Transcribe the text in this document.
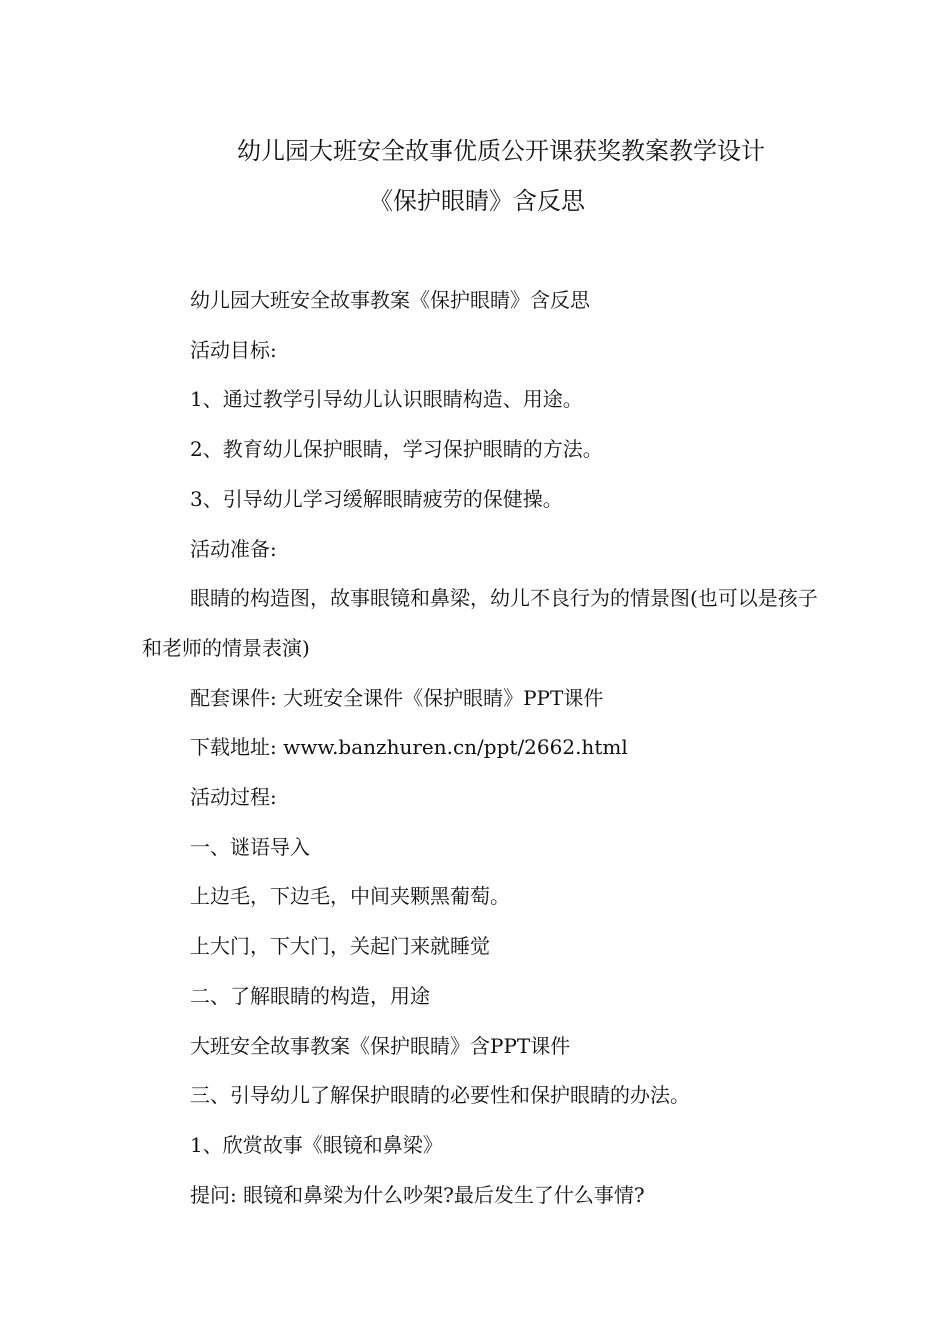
幼儿园大班安全故事优质公开课获奖教案教学设计
《保护眼睛》含反思

幼儿园大班安全故事教案《保护眼睛》含反思

活动目标:

1、通过教学引导幼儿认识眼睛构造、用途。

2、教育幼儿保护眼睛，学习保护眼睛的方法。

3、引导幼儿学习缓解眼睛疲劳的保健操。

活动准备:

眼睛的构造图，故事眼镜和鼻梁，幼儿不良行为的情景图(也可以是孩子和老师的情景表演)

配套课件: 大班安全课件《保护眼睛》PPT课件

下载地址: www.banzhuren.cn/ppt/2662.html

活动过程:

一、谜语导入

上边毛，下边毛，中间夹颗黑葡萄。

上大门，下大门，关起门来就睡觉

二、了解眼睛的构造，用途

大班安全故事教案《保护眼睛》含PPT课件

三、引导幼儿了解保护眼睛的必要性和保护眼睛的办法。

1、欣赏故事《眼镜和鼻梁》

提问: 眼镜和鼻梁为什么吵架?最后发生了什么事情?
